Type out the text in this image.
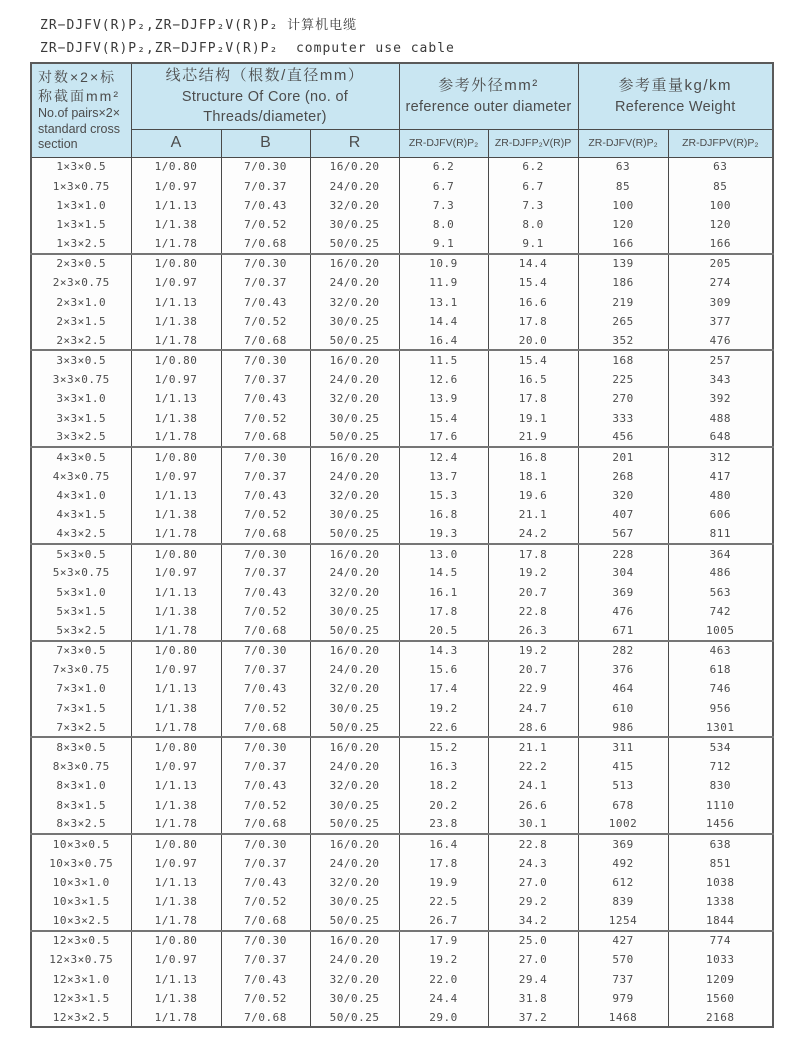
ZR−DJFV(R)P₂,ZR−DJFP₂V(R)P₂ 计算机电缆
ZR−DJFV(R)P₂,ZR−DJFP₂V(R)P₂  computer use cable
对数×2×标
称截面mm²
No.of pairs×2×
standard cross
section

线芯结构（根数/直径mm）
Structure Of Core (no. of
Threads/diameter)

参考外径mm²
reference outer diameter

参考重量kg/km
Reference Weight

	A	B	R	ZR-DJFV(R)P₂	ZR-DJFP₂V(R)P	ZR-DJFV(R)P₂	ZR-DJFPV(R)P₂
1×3×0.5	1/0.80	7/0.30	16/0.20	6.2	6.2	63	63
1×3×0.75	1/0.97	7/0.37	24/0.20	6.7	6.7	85	85
1×3×1.0	1/1.13	7/0.43	32/0.20	7.3	7.3	100	100
1×3×1.5	1/1.38	7/0.52	30/0.25	8.0	8.0	120	120
1×3×2.5	1/1.78	7/0.68	50/0.25	9.1	9.1	166	166
2×3×0.5	1/0.80	7/0.30	16/0.20	10.9	14.4	139	205
2×3×0.75	1/0.97	7/0.37	24/0.20	11.9	15.4	186	274
2×3×1.0	1/1.13	7/0.43	32/0.20	13.1	16.6	219	309
2×3×1.5	1/1.38	7/0.52	30/0.25	14.4	17.8	265	377
2×3×2.5	1/1.78	7/0.68	50/0.25	16.4	20.0	352	476
3×3×0.5	1/0.80	7/0.30	16/0.20	11.5	15.4	168	257
3×3×0.75	1/0.97	7/0.37	24/0.20	12.6	16.5	225	343
3×3×1.0	1/1.13	7/0.43	32/0.20	13.9	17.8	270	392
3×3×1.5	1/1.38	7/0.52	30/0.25	15.4	19.1	333	488
3×3×2.5	1/1.78	7/0.68	50/0.25	17.6	21.9	456	648
4×3×0.5	1/0.80	7/0.30	16/0.20	12.4	16.8	201	312
4×3×0.75	1/0.97	7/0.37	24/0.20	13.7	18.1	268	417
4×3×1.0	1/1.13	7/0.43	32/0.20	15.3	19.6	320	480
4×3×1.5	1/1.38	7/0.52	30/0.25	16.8	21.1	407	606
4×3×2.5	1/1.78	7/0.68	50/0.25	19.3	24.2	567	811
5×3×0.5	1/0.80	7/0.30	16/0.20	13.0	17.8	228	364
5×3×0.75	1/0.97	7/0.37	24/0.20	14.5	19.2	304	486
5×3×1.0	1/1.13	7/0.43	32/0.20	16.1	20.7	369	563
5×3×1.5	1/1.38	7/0.52	30/0.25	17.8	22.8	476	742
5×3×2.5	1/1.78	7/0.68	50/0.25	20.5	26.3	671	1005
7×3×0.5	1/0.80	7/0.30	16/0.20	14.3	19.2	282	463
7×3×0.75	1/0.97	7/0.37	24/0.20	15.6	20.7	376	618
7×3×1.0	1/1.13	7/0.43	32/0.20	17.4	22.9	464	746
7×3×1.5	1/1.38	7/0.52	30/0.25	19.2	24.7	610	956
7×3×2.5	1/1.78	7/0.68	50/0.25	22.6	28.6	986	1301
8×3×0.5	1/0.80	7/0.30	16/0.20	15.2	21.1	311	534
8×3×0.75	1/0.97	7/0.37	24/0.20	16.3	22.2	415	712
8×3×1.0	1/1.13	7/0.43	32/0.20	18.2	24.1	513	830
8×3×1.5	1/1.38	7/0.52	30/0.25	20.2	26.6	678	1110
8×3×2.5	1/1.78	7/0.68	50/0.25	23.8	30.1	1002	1456
10×3×0.5	1/0.80	7/0.30	16/0.20	16.4	22.8	369	638
10×3×0.75	1/0.97	7/0.37	24/0.20	17.8	24.3	492	851
10×3×1.0	1/1.13	7/0.43	32/0.20	19.9	27.0	612	1038
10×3×1.5	1/1.38	7/0.52	30/0.25	22.5	29.2	839	1338
10×3×2.5	1/1.78	7/0.68	50/0.25	26.7	34.2	1254	1844
12×3×0.5	1/0.80	7/0.30	16/0.20	17.9	25.0	427	774
12×3×0.75	1/0.97	7/0.37	24/0.20	19.2	27.0	570	1033
12×3×1.0	1/1.13	7/0.43	32/0.20	22.0	29.4	737	1209
12×3×1.5	1/1.38	7/0.52	30/0.25	24.4	31.8	979	1560
12×3×2.5	1/1.78	7/0.68	50/0.25	29.0	37.2	1468	2168
